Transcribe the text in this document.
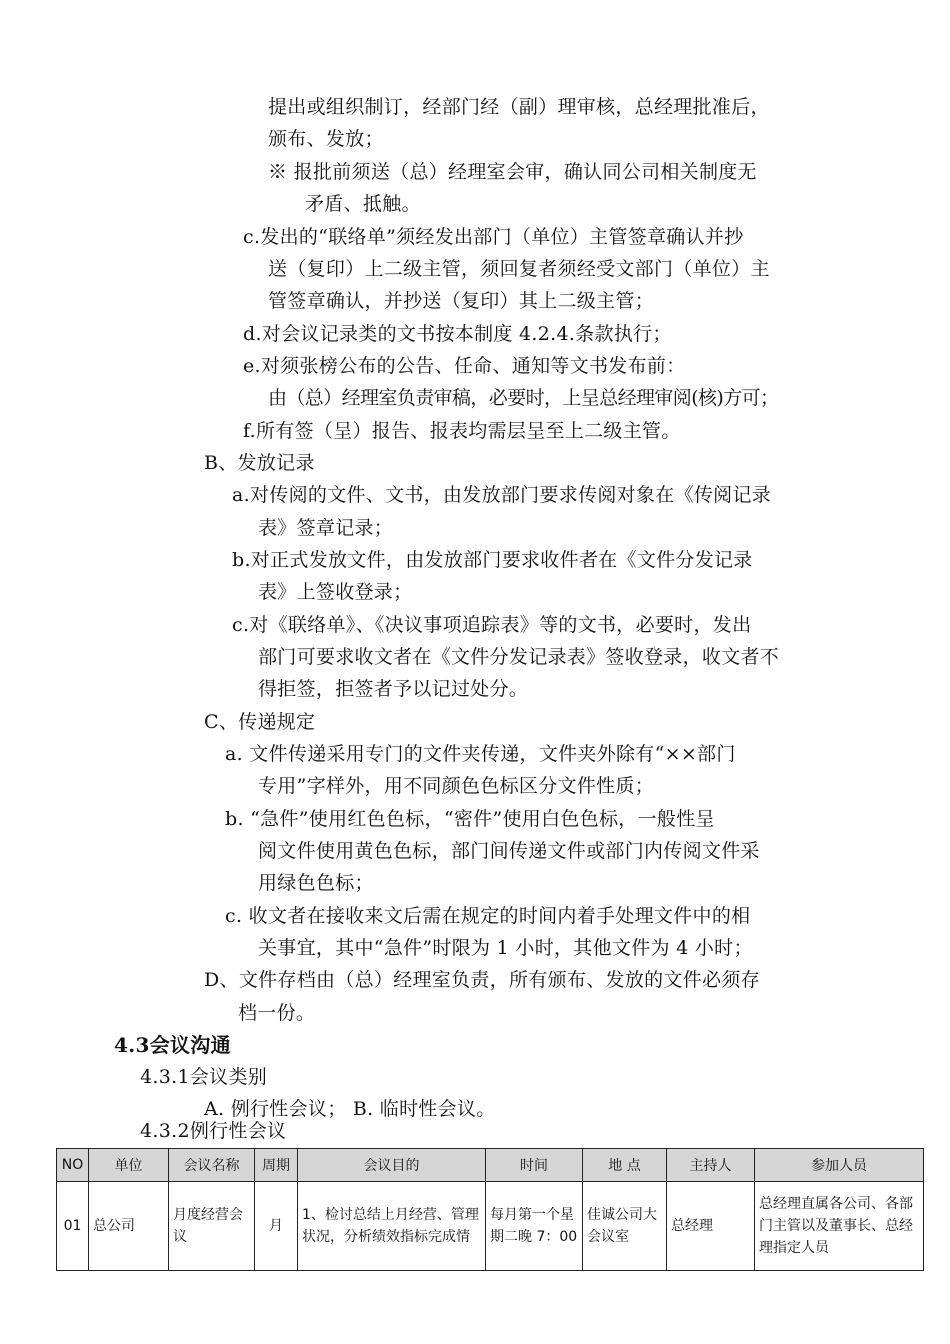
提出或组织制订，经部门经（副）理审核，总经理批准后，
颁布、发放；
※ 报批前须送（总）经理室会审，确认同公司相关制度无
矛盾、抵触。
c.发出的“联络单”须经发出部门（单位）主管签章确认并抄
送（复印）上二级主管，须回复者须经受文部门（单位）主
管签章确认，并抄送（复印）其上二级主管；
d.对会议记录类的文书按本制度 4.2.4.条款执行；
e.对须张榜公布的公告、任命、通知等文书发布前：
由（总）经理室负责审稿，必要时，上呈总经理审阅(核)方可；
f.所有签（呈）报告、报表均需层呈至上二级主管。
B、发放记录
a.对传阅的文件、文书，由发放部门要求传阅对象在《传阅记录
表》签章记录；
b.对正式发放文件，由发放部门要求收件者在《文件分发记录
表》上签收登录；
c.对《联络单》、《决议事项追踪表》等的文书，必要时，发出
部门可要求收文者在《文件分发记录表》签收登录，收文者不
得拒签，拒签者予以记过处分。
C、传递规定
a. 文件传递采用专门的文件夹传递，文件夹外除有“××部门
专用”字样外，用不同颜色色标区分文件性质；
b. “急件”使用红色色标，“密件”使用白色色标，一般性呈
阅文件使用黄色色标，部门间传递文件或部门内传阅文件采
用绿色色标；
c. 收文者在接收来文后需在规定的时间内着手处理文件中的相
关事宜，其中“急件”时限为 1 小时，其他文件为 4 小时；
D、文件存档由（总）经理室负责，所有颁布、发放的文件必须存
档一份。
4.3会议沟通
4.3.1会议类别
A. 例行性会议； B. 临时性会议。
4.3.2例行性会议
NO	单位	会议名称	周期	会议目的	时间	地 点	主持人	参加人员
01	总公司	月度经营会议	月	1、检讨总结上月经营、管理状况，分析绩效指标完成情	每月第一个星期二晚 7：00	佳诚公司大会议室	总经理	总经理直属各公司、各部门主管以及董事长、总经理指定人员
